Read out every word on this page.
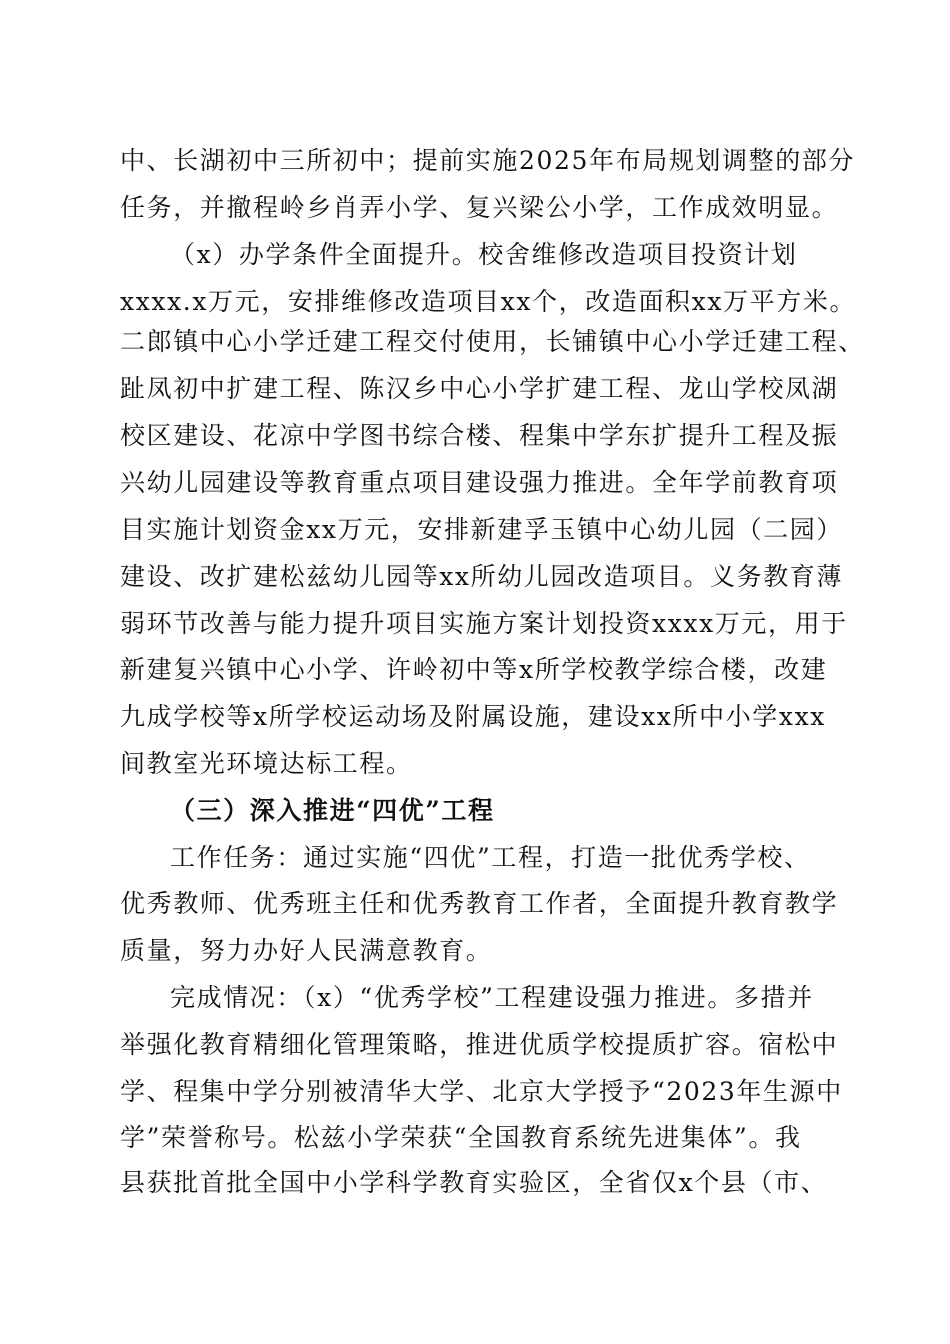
中、长湖初中三所初中；提前实施2025年布局规划调整的部分
任务，并撤程岭乡肖弄小学、复兴梁公小学，工作成效明显。
（x）办学条件全面提升。校舍维修改造项目投资计划
xxxx.x万元，安排维修改造项目xx个，改造面积xx万平方米。
二郎镇中心小学迁建工程交付使用，长铺镇中心小学迁建工程、
趾凤初中扩建工程、陈汉乡中心小学扩建工程、龙山学校凤湖
校区建设、花凉中学图书综合楼、程集中学东扩提升工程及振
兴幼儿园建设等教育重点项目建设强力推进。全年学前教育项
目实施计划资金xx万元，安排新建孚玉镇中心幼儿园（二园）
建设、改扩建松兹幼儿园等xx所幼儿园改造项目。义务教育薄
弱环节改善与能力提升项目实施方案计划投资xxxx万元，用于
新建复兴镇中心小学、许岭初中等x所学校教学综合楼，改建
九成学校等x所学校运动场及附属设施，建设xx所中小学xxx
间教室光环境达标工程。
（三）深入推进“四优”工程
工作任务：通过实施“四优”工程，打造一批优秀学校、
优秀教师、优秀班主任和优秀教育工作者，全面提升教育教学
质量，努力办好人民满意教育。
完成情况：（x）“优秀学校”工程建设强力推进。多措并
举强化教育精细化管理策略，推进优质学校提质扩容。宿松中
学、程集中学分别被清华大学、北京大学授予“2023年生源中
学”荣誉称号。松兹小学荣获“全国教育系统先进集体”。我
县获批首批全国中小学科学教育实验区，全省仅x个县（市、
